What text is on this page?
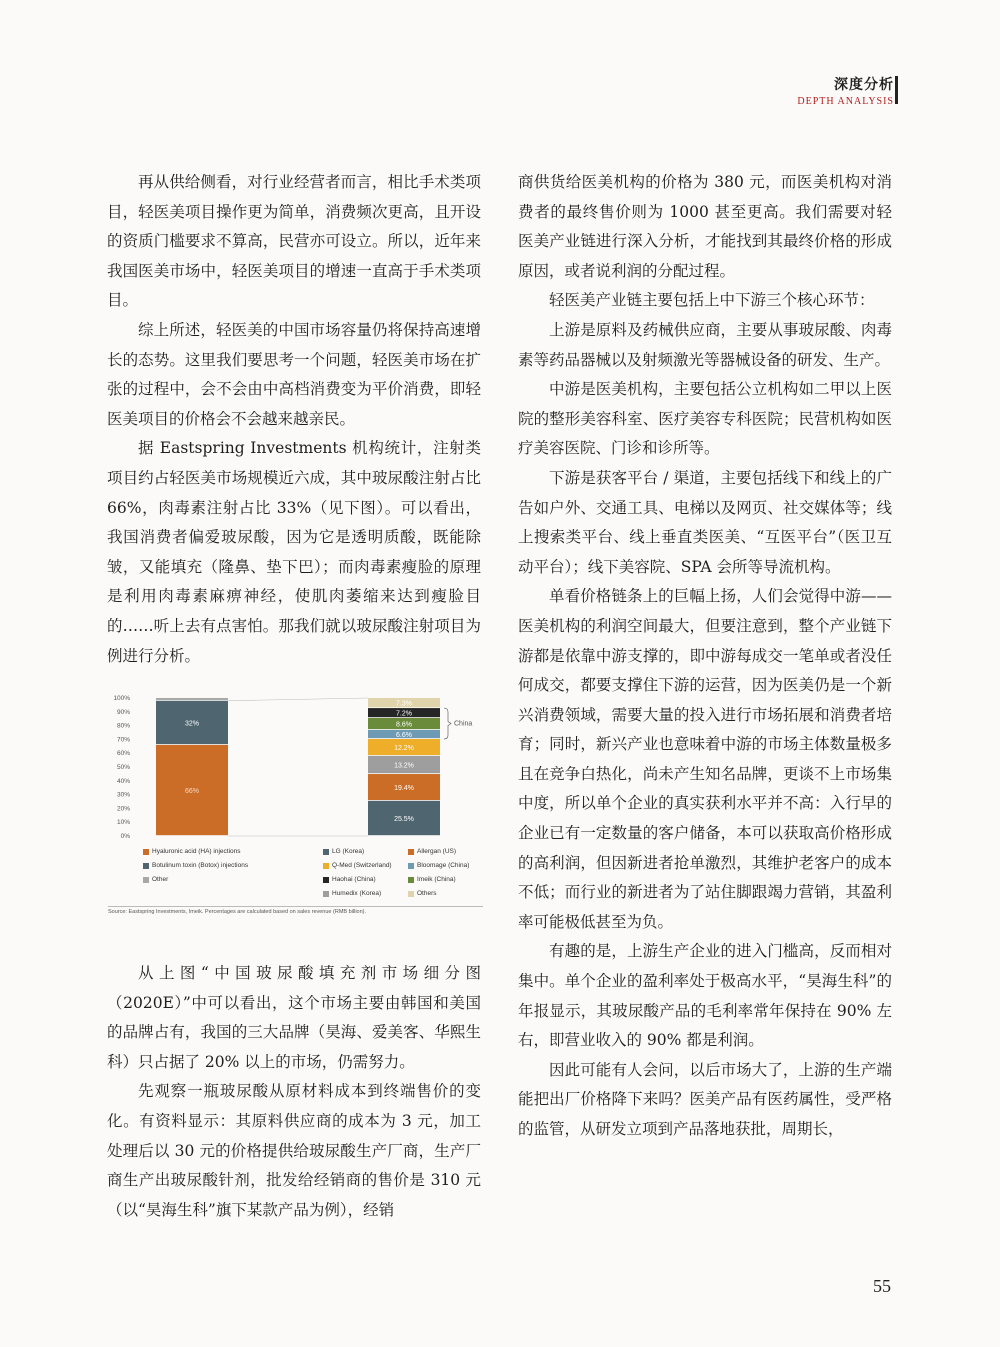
深度分析
DEPTH ANALYSIS

再从供给侧看，对行业经营者而言，相比手术类项目，轻医美项目操作更为简单，消费频次更高，且开设的资质门槛要求不算高，民营亦可设立。所以，近年来我国医美市场中，轻医美项目的增速一直高于手术类项目。

综上所述，轻医美的中国市场容量仍将保持高速增长的态势。这里我们要思考一个问题，轻医美市场在扩张的过程中，会不会由中高档消费变为平价消费，即轻医美项目的价格会不会越来越亲民。

据 Eastspring Investments 机构统计，注射类项目约占轻医美市场规模近六成，其中玻尿酸注射占比 66%，肉毒素注射占比 33%（见下图）。可以看出，我国消费者偏爱玻尿酸，因为它是透明质酸，既能除皱，又能填充（隆鼻、垫下巴）；而肉毒素瘦脸的原理是利用肉毒素麻痹神经，使肌肉萎缩来达到瘦脸目的……听上去有点害怕。那我们就以玻尿酸注射项目为例进行分析。

100%
90%
80%
70%
60%
50%
40%
30%
20%
10%
0%
66%
32%
25.5%
19.4%
13.2%
12.2%
6.6%
8.6%
7.2%
7.3%
China
Hyaluronic acid (HA) injections
Botulinum toxin (Botox) injections
Other
LG (Korea)
Q-Med (Switzerland)
Haohai (China)
Humedix (Korea)
Allergan (US)
Bloomage (China)
Imeik (China)
Others
Source: Eastspring Investments, Imeik. Percentages are calculated based on sales revenue (RMB billion).

从上图“中国玻尿酸填充剂市场细分图（2020E）”中可以看出，这个市场主要由韩国和美国的品牌占有，我国的三大品牌（昊海、爱美客、华熙生科）只占据了 20% 以上的市场，仍需努力。

先观察一瓶玻尿酸从原材料成本到终端售价的变化。有资料显示：其原料供应商的成本为 3 元，加工处理后以 30 元的价格提供给玻尿酸生产厂商，生产厂商生产出玻尿酸针剂，批发给经销商的售价是 310 元（以“昊海生科”旗下某款产品为例），经销

商供货给医美机构的价格为 380 元，而医美机构对消费者的最终售价则为 1000 甚至更高。我们需要对轻医美产业链进行深入分析，才能找到其最终价格的形成原因，或者说利润的分配过程。

轻医美产业链主要包括上中下游三个核心环节：

上游是原料及药械供应商，主要从事玻尿酸、肉毒素等药品器械以及射频激光等器械设备的研发、生产。

中游是医美机构，主要包括公立机构如二甲以上医院的整形美容科室、医疗美容专科医院；民营机构如医疗美容医院、门诊和诊所等。

下游是获客平台 / 渠道，主要包括线下和线上的广告如户外、交通工具、电梯以及网页、社交媒体等；线上搜索类平台、线上垂直类医美、“互医平台”（医卫互动平台）；线下美容院、SPA 会所等导流机构。

单看价格链条上的巨幅上扬，人们会觉得中游——医美机构的利润空间最大，但要注意到，整个产业链下游都是依靠中游支撑的，即中游每成交一笔单或者没任何成交，都要支撑住下游的运营，因为医美仍是一个新兴消费领域，需要大量的投入进行市场拓展和消费者培育；同时，新兴产业也意味着中游的市场主体数量极多且在竞争白热化，尚未产生知名品牌，更谈不上市场集中度，所以单个企业的真实获利水平并不高：入行早的企业已有一定数量的客户储备，本可以获取高价格形成的高利润，但因新进者抢单激烈，其维护老客户的成本不低；而行业的新进者为了站住脚跟竭力营销，其盈利率可能极低甚至为负。

有趣的是，上游生产企业的进入门槛高，反而相对集中。单个企业的盈利率处于极高水平，“昊海生科”的年报显示，其玻尿酸产品的毛利率常年保持在 90% 左右，即营业收入的 90% 都是利润。

因此可能有人会问，以后市场大了，上游的生产端能把出厂价格降下来吗？医美产品有医药属性，受严格的监管，从研发立项到产品落地获批，周期长，

55
